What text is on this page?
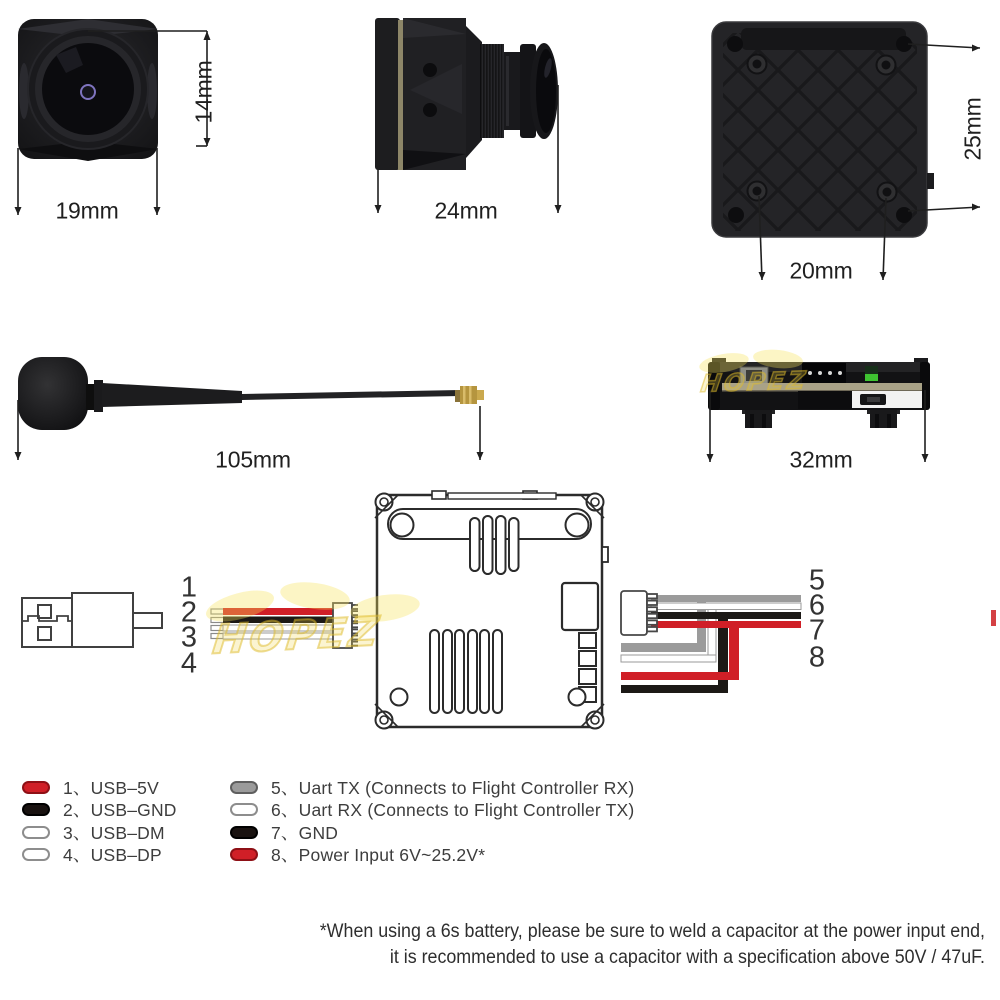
19mm
14mm
24mm
25mm
20mm
105mm	32mm
1
2
3
4
5
6
7
8
1、USB–5V
2、USB–GND
3、USB–DM
4、USB–DP
5、Uart TX (Connects to Flight Controller RX)
6、Uart RX (Connects to Flight Controller TX)
7、GND
8、Power Input 6V~25.2V*
*When using a 6s battery, please be sure to weld a capacitor at the power input end,
it is recommended to use a capacitor with a specification above 50V / 47uF.
HOPEZ
HOPEZ
